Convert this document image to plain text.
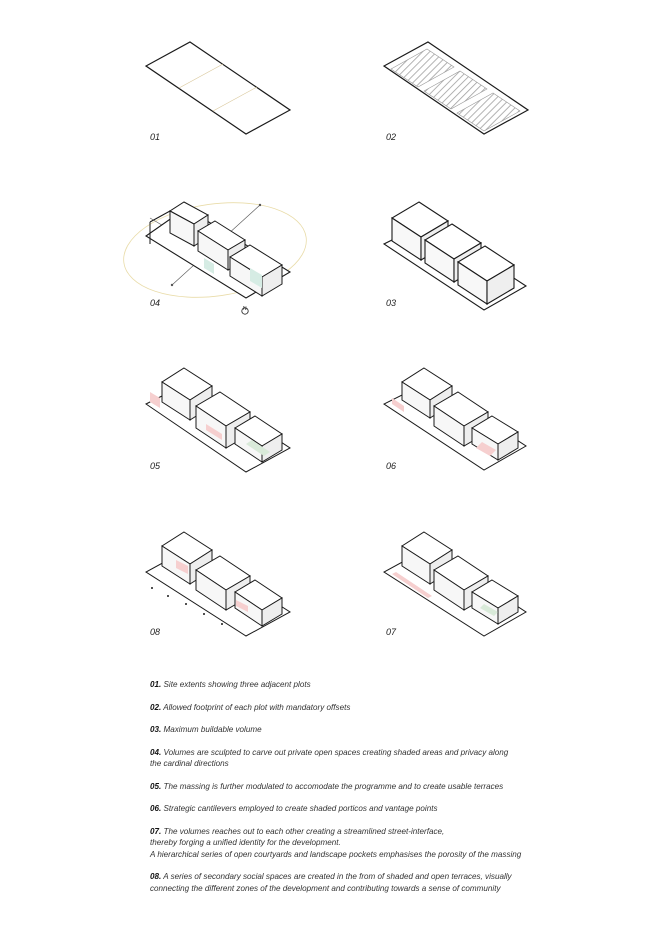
01	02
04	03
05	06
08	07
N

01. Site extents showing three adjacent plots

02. Allowed footprint of each plot with mandatory offsets

03. Maximum buildable volume

04. Volumes are sculpted to carve out private open spaces creating shaded areas and privacy along
the cardinal directions

05. The massing is further modulated to accomodate the programme and to create usable terraces

06. Strategic cantilevers employed to create shaded porticos and vantage points

07. The volumes reaches out to each other creating a streamlined street-interface,
thereby forging a unified identity for the development.
A hierarchical series of open courtyards and landscape pockets emphasises the porosity of the massing

08. A series of secondary social spaces are created in the from of shaded and open terraces, visually
connecting the different zones of the development and contributing towards a sense of community
